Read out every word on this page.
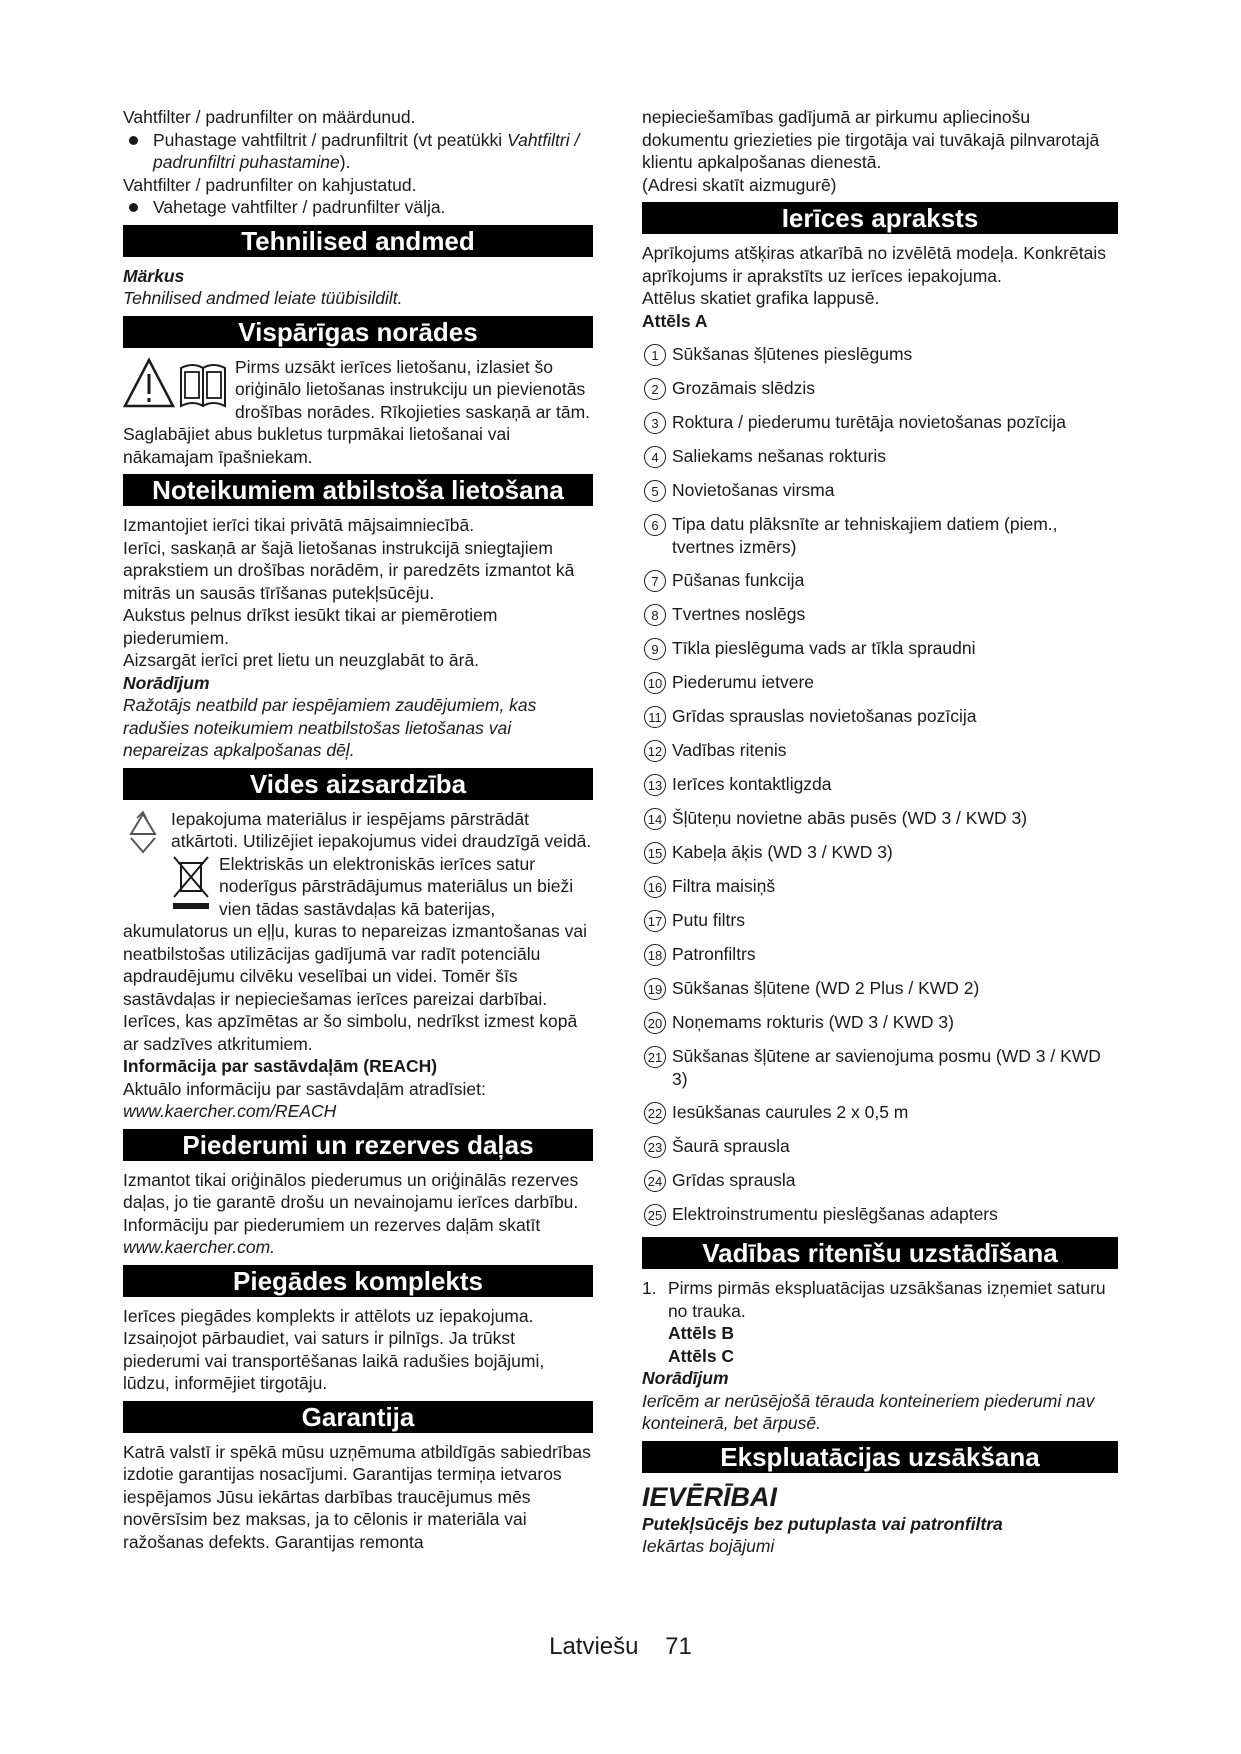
Vahtfilter / padrunfilter on määrdunud.

Puhastage vahtfiltrit / padrunfiltrit (vt peatükki Vahtfiltri / padrunfiltri puhastamine).

Vahtfilter / padrunfilter on kahjustatud.

Vahetage vahtfilter / padrunfilter välja.

Tehnilised andmed

Märkus

Tehnilised andmed leiate tüübisildilt.

Vispārīgas norādes

Pirms uzsākt ierīces lietošanu, izlasiet šo oriģinālo lietošanas instrukciju un pievienotās drošības norādes. Rīkojieties saskaņā ar tām.

Saglabājiet abus bukletus turpmākai lietošanai vai nākamajam īpašniekam.

Noteikumiem atbilstoša lietošana

Izmantojiet ierīci tikai privātā mājsaimniecībā.

Ierīci, saskaņā ar šajā lietošanas instrukcijā sniegtajiem aprakstiem un drošības norādēm, ir paredzēts izmantot kā mitrās un sausās tīrīšanas putekļsūcēju.

Aukstus pelnus drīkst iesūkt tikai ar piemērotiem piederumiem.

Aizsargāt ierīci pret lietu un neuzglabāt to ārā.

Norādījum

Ražotājs neatbild par iespējamiem zaudējumiem, kas radušies noteikumiem neatbilstošas lietošanas vai nepareizas apkalpošanas dēļ.

Vides aizsardzība

Iepakojuma materiālus ir iespējams pārstrādāt atkārtoti. Utilizējiet iepakojumus videi draudzīgā veidā.

Elektriskās un elektroniskās ierīces satur noderīgus pārstrādājumus materiālus un bieži vien tādas sastāvdaļas kā baterijas, akumulatorus un eļļu, kuras to nepareizas izmantošanas vai neatbilstošas utilizācijas gadījumā var radīt potenciālu apdraudējumu cilvēku veselībai un videi. Tomēr šīs sastāvdaļas ir nepieciešamas ierīces pareizai darbībai. Ierīces, kas apzīmētas ar šo simbolu, nedrīkst izmest kopā ar sadzīves atkritumiem.

Informācija par sastāvdaļām (REACH)

Aktuālo informāciju par sastāvdaļām atradīsiet:

www.kaercher.com/REACH

Piederumi un rezerves daļas

Izmantot tikai oriģinālos piederumus un oriģinālās rezerves daļas, jo tie garantē drošu un nevainojamu ierīces darbību.

Informāciju par piederumiem un rezerves daļām skatīt

www.kaercher.com.

Piegādes komplekts

Ierīces piegādes komplekts ir attēlots uz iepakojuma. Izsaiņojot pārbaudiet, vai saturs ir pilnīgs. Ja trūkst piederumi vai transportēšanas laikā radušies bojājumi, lūdzu, informējiet tirgotāju.

Garantija

Katrā valstī ir spēkā mūsu uzņēmuma atbildīgās sabiedrības izdotie garantijas nosacījumi. Garantijas termiņa ietvaros iespējamos Jūsu iekārtas darbības traucējumus mēs novērsīsim bez maksas, ja to cēlonis ir materiāla vai ražošanas defekts. Garantijas remonta

nepieciešamības gadījumā ar pirkumu apliecinošu dokumentu griezieties pie tirgotāja vai tuvākajā pilnvarotajā klientu apkalpošanas dienestā.

(Adresi skatīt aizmugurē)

Ierīces apraksts

Aprīkojums atšķiras atkarībā no izvēlētā modeļa. Konkrētais aprīkojums ir aprakstīts uz ierīces iepakojuma.

Attēlus skatiet grafika lappusē.

Attēls A

1 Sūkšanas šļūtenes pieslēgums
2 Grozāmais slēdzis
3 Roktura / piederumu turētāja novietošanas pozīcija
4 Saliekams nešanas rokturis
5 Novietošanas virsma
6 Tipa datu plāksnīte ar tehniskajiem datiem (piem., tvertnes izmērs)
7 Pūšanas funkcija
8 Tvertnes noslēgs
9 Tīkla pieslēguma vads ar tīkla spraudni
10 Piederumu ietvere
11 Grīdas sprauslas novietošanas pozīcija
12 Vadības ritenis
13 Ierīces kontaktligzda
14 Šļūteņu novietne abās pusēs (WD 3 / KWD 3)
15 Kabeļa āķis (WD 3 / KWD 3)
16 Filtra maisiņš
17 Putu filtrs
18 Patronfiltrs
19 Sūkšanas šļūtene (WD 2 Plus / KWD 2)
20 Noņemams rokturis (WD 3 / KWD 3)
21 Sūkšanas šļūtene ar savienojuma posmu (WD 3 / KWD 3)
22 Iesūkšanas caurules 2 x 0,5 m
23 Šaurā sprausla
24 Grīdas sprausla
25 Elektroinstrumentu pieslēgšanas adapters
Vadības ritenīšu uzstādīšana
1. Pirms pirmās ekspluatācijas uzsākšanas izņemiet saturu no trauka.

Attēls B

Attēls C

Norādījum

Ierīcēm ar nerūsējošā tērauda konteineriem piederumi nav konteinerā, bet ārpusē.

Ekspluatācijas uzsākšana

IEVĒRĪBAI

Putekļsūcējs bez putuplasta vai patronfiltra

Iekārtas bojājumi

Latviešu 71
